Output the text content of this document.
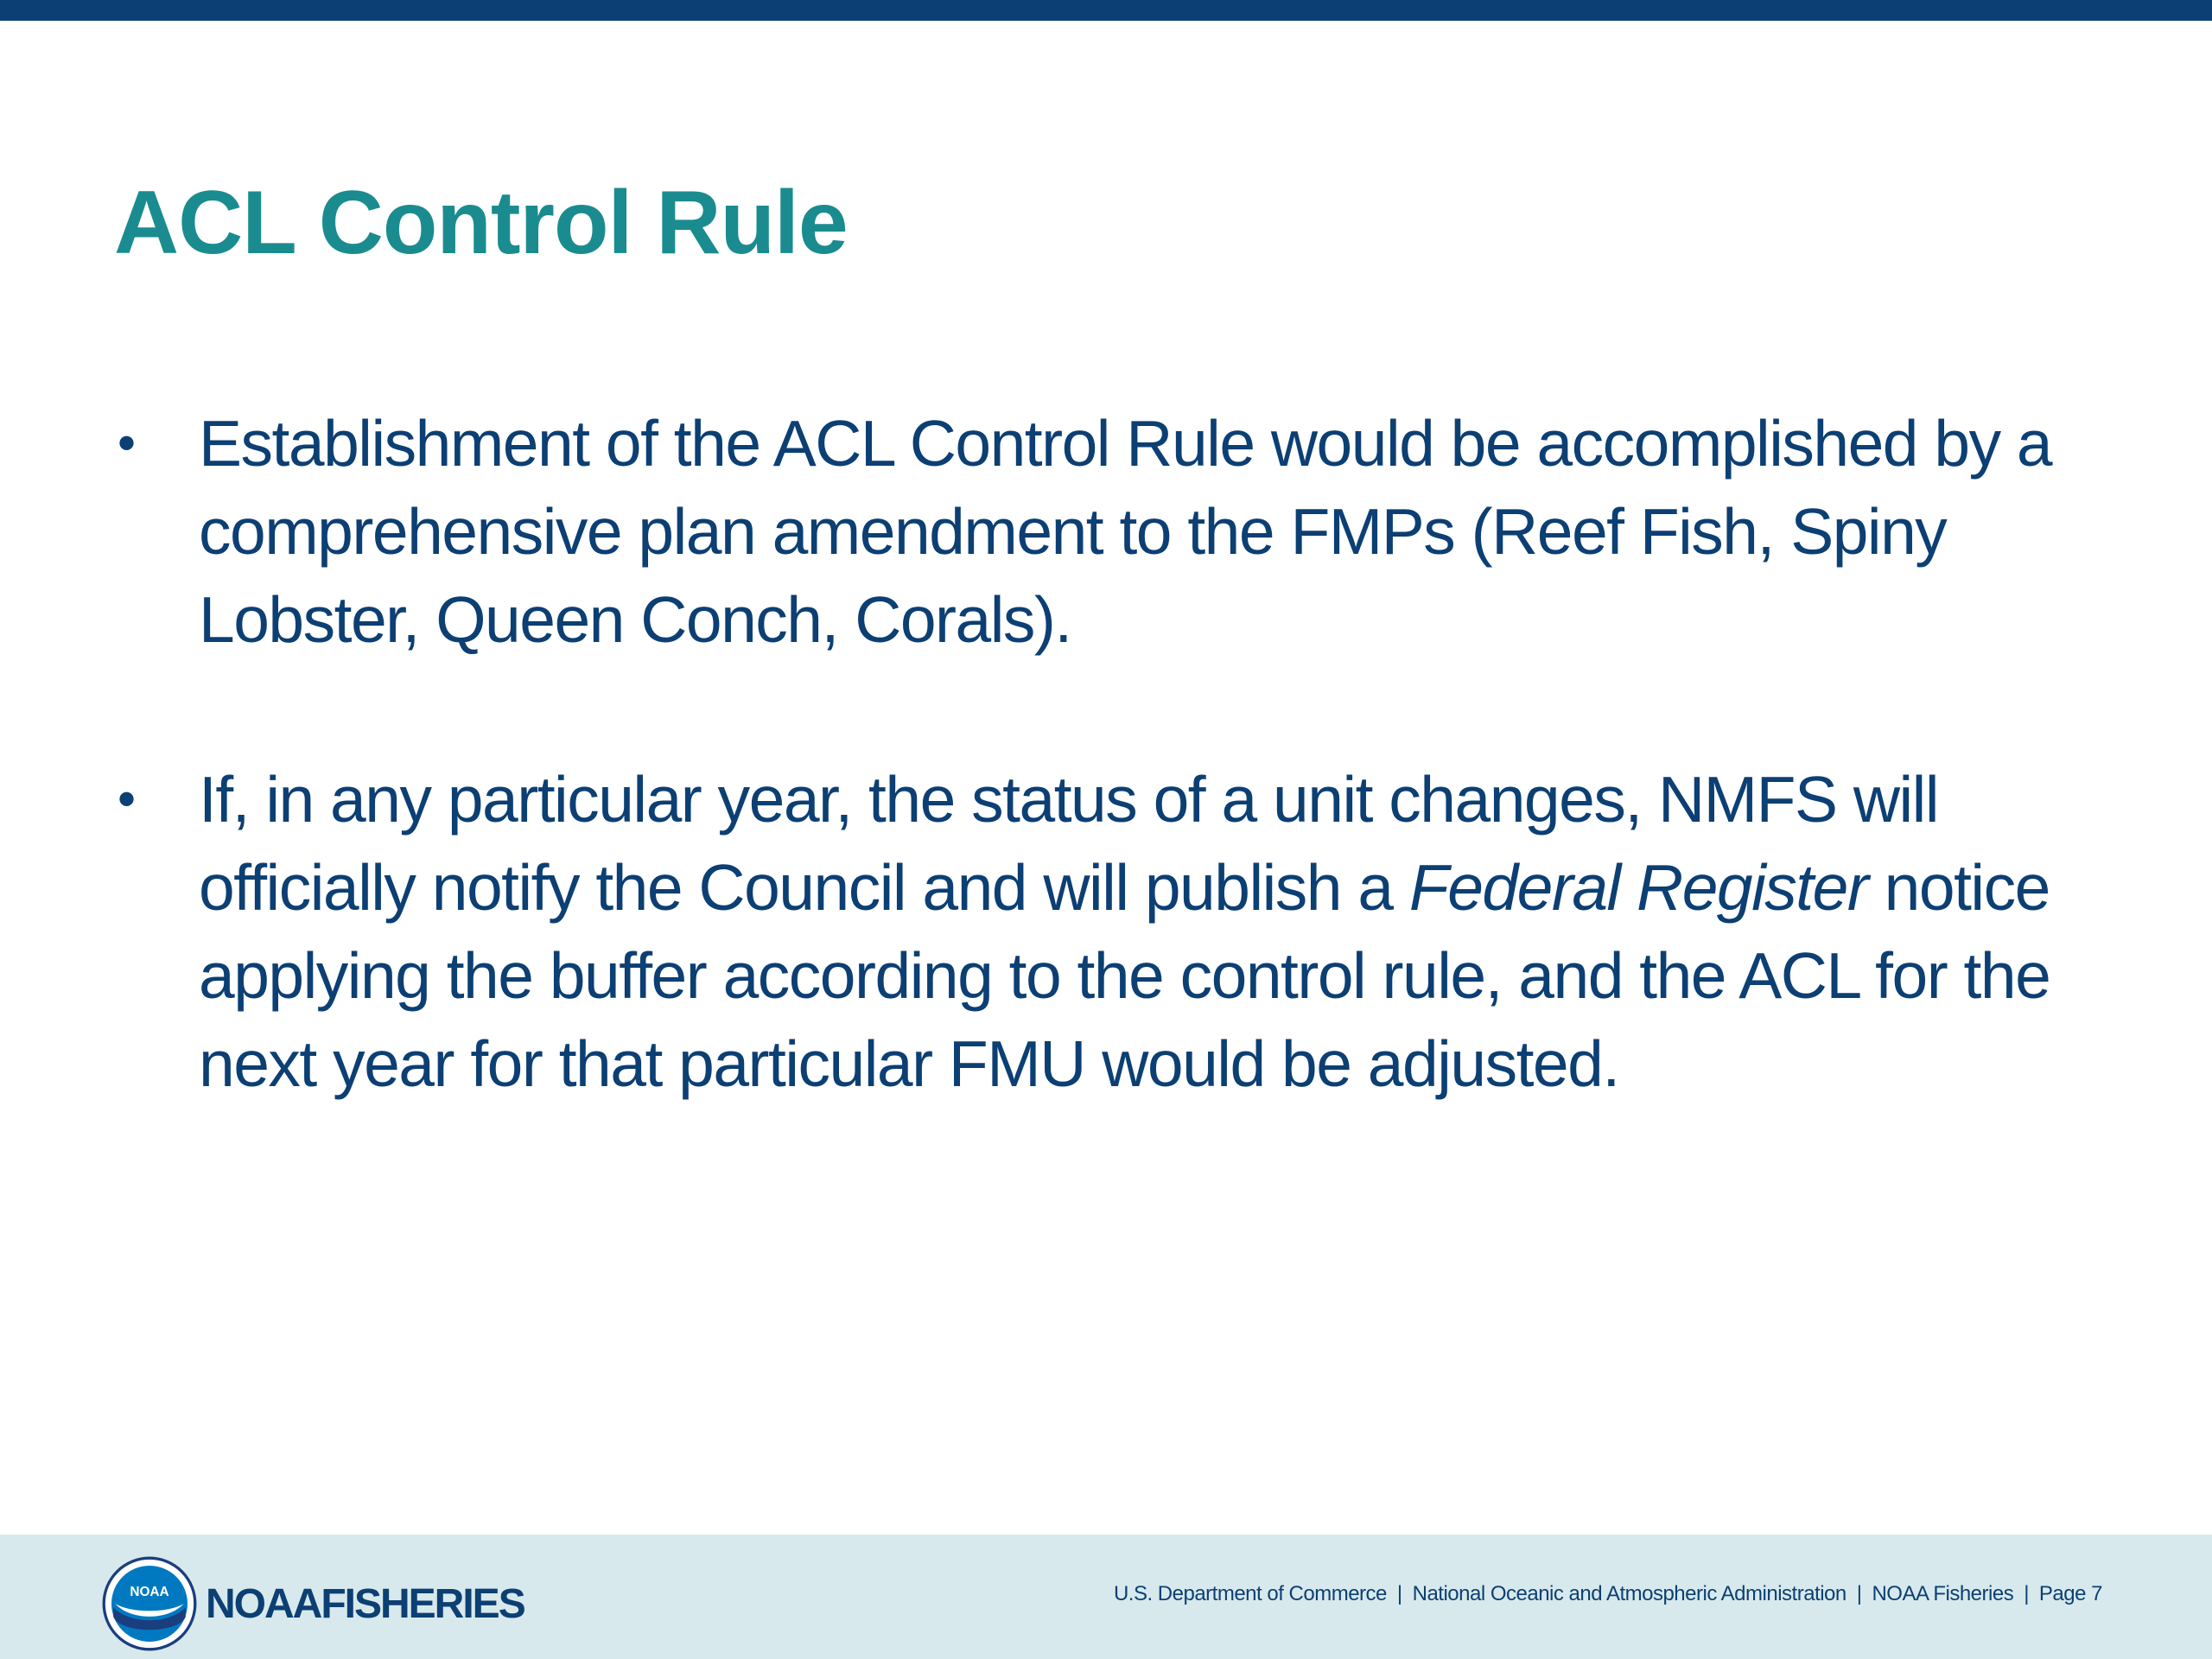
ACL Control Rule
• Establishment of the ACL Control Rule would be accomplished by a
comprehensive plan amendment to the FMPs (Reef Fish, Spiny
Lobster, Queen Conch, Corals).
• If, in any particular year, the status of a unit changes, NMFS will
officially notify the Council and will publish a Federal Register notice
applying the buffer according to the control rule, and the ACL for the
next year for that particular FMU would be adjusted.
NOAA NOAAFISHERIES	U.S. Department of Commerce | National Oceanic and Atmospheric Administration | NOAA Fisheries | Page 7
